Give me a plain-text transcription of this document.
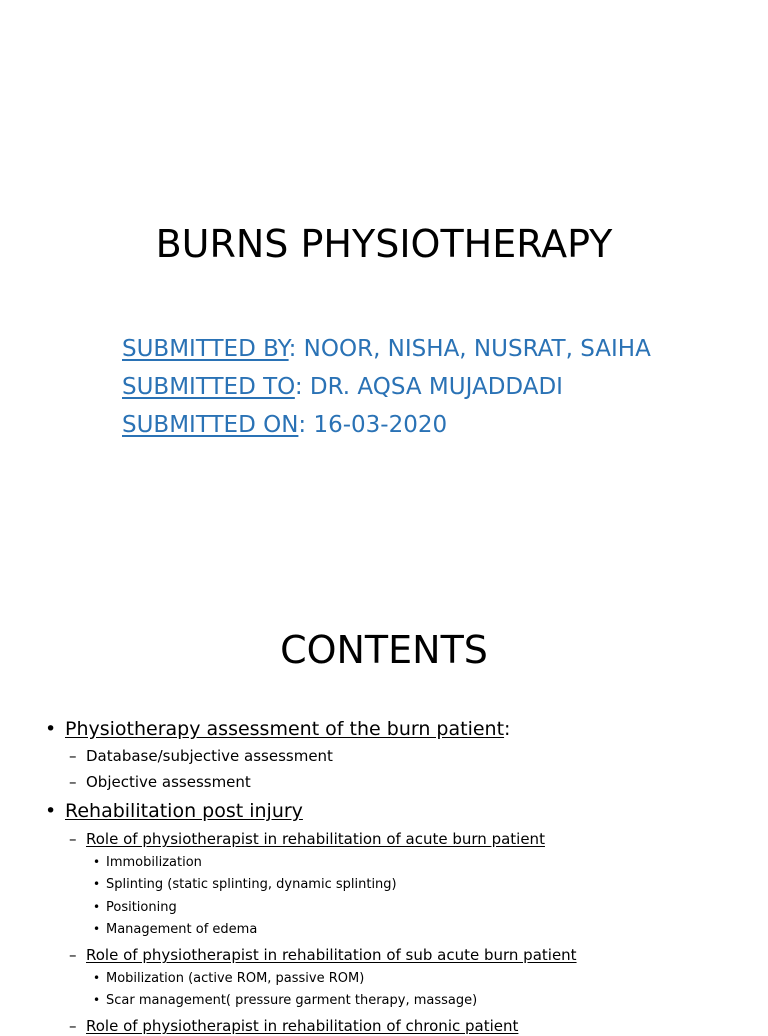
BURNS PHYSIOTHERAPY
SUBMITTED BY: NOOR, NISHA, NUSRAT, SAIHA
SUBMITTED TO: DR. AQSA MUJADDADI
SUBMITTED ON: 16-03-2020
CONTENTS
• Physiotherapy assessment of the burn patient:
– Database/subjective assessment
– Objective assessment
• Rehabilitation post injury
– Role of physiotherapist in rehabilitation of acute burn patient
• Immobilization
• Splinting (static splinting, dynamic splinting)
• Positioning
• Management of edema
– Role of physiotherapist in rehabilitation of sub acute burn patient
• Mobilization (active ROM, passive ROM)
• Scar management( pressure garment therapy, massage)
– Role of physiotherapist in rehabilitation of chronic patient
